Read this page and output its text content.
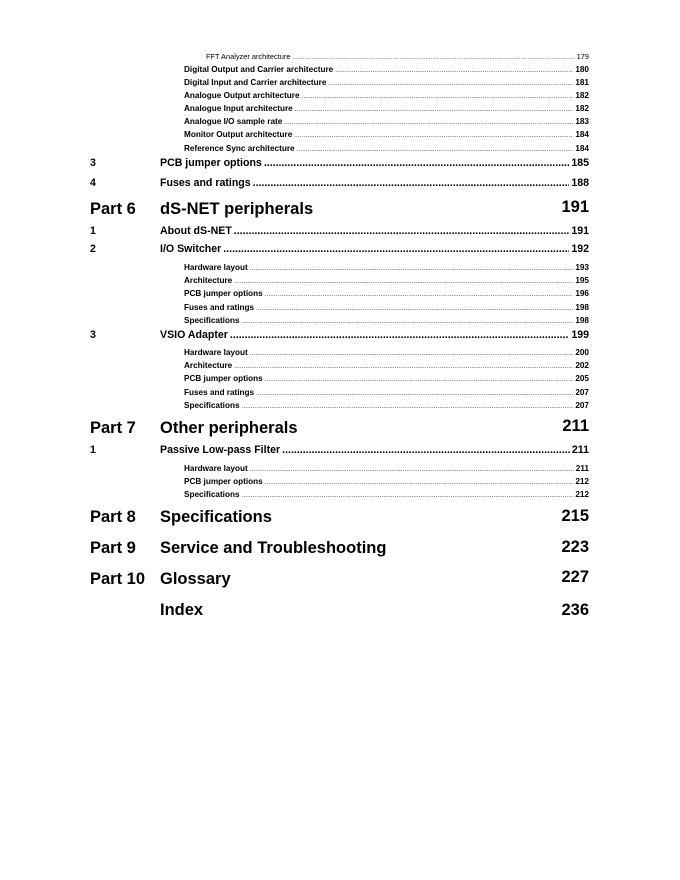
FFT Analyzer architecture .....	179
Digital Output and Carrier architecture .....	180
Digital Input and Carrier architecture .....	181
Analogue Output architecture .....	182
Analogue Input architecture .....	182
Analogue I/O sample rate .....	183
Monitor Output architecture .....	184
Reference Sync architecture .....	184
3	PCB jumper options .....	185
4	Fuses and ratings .....	188
Part 6 dS-NET peripherals	191
1	About dS-NET .....	191
2	I/O Switcher .....	192
Hardware layout .....	193
Architecture .....	195
PCB jumper options .....	196
Fuses and ratings .....	198
Specifications .....	198
3	VSIO Adapter .....	199
Hardware layout .....	200
Architecture .....	202
PCB jumper options .....	205
Fuses and ratings .....	207
Specifications .....	207
Part 7 Other peripherals	211
1	Passive Low-pass Filter .....	211
Hardware layout .....	211
PCB jumper options .....	212
Specifications .....	212
Part 8 Specifications	215
Part 9 Service and Troubleshooting	223
Part 10 Glossary	227
Index	236
